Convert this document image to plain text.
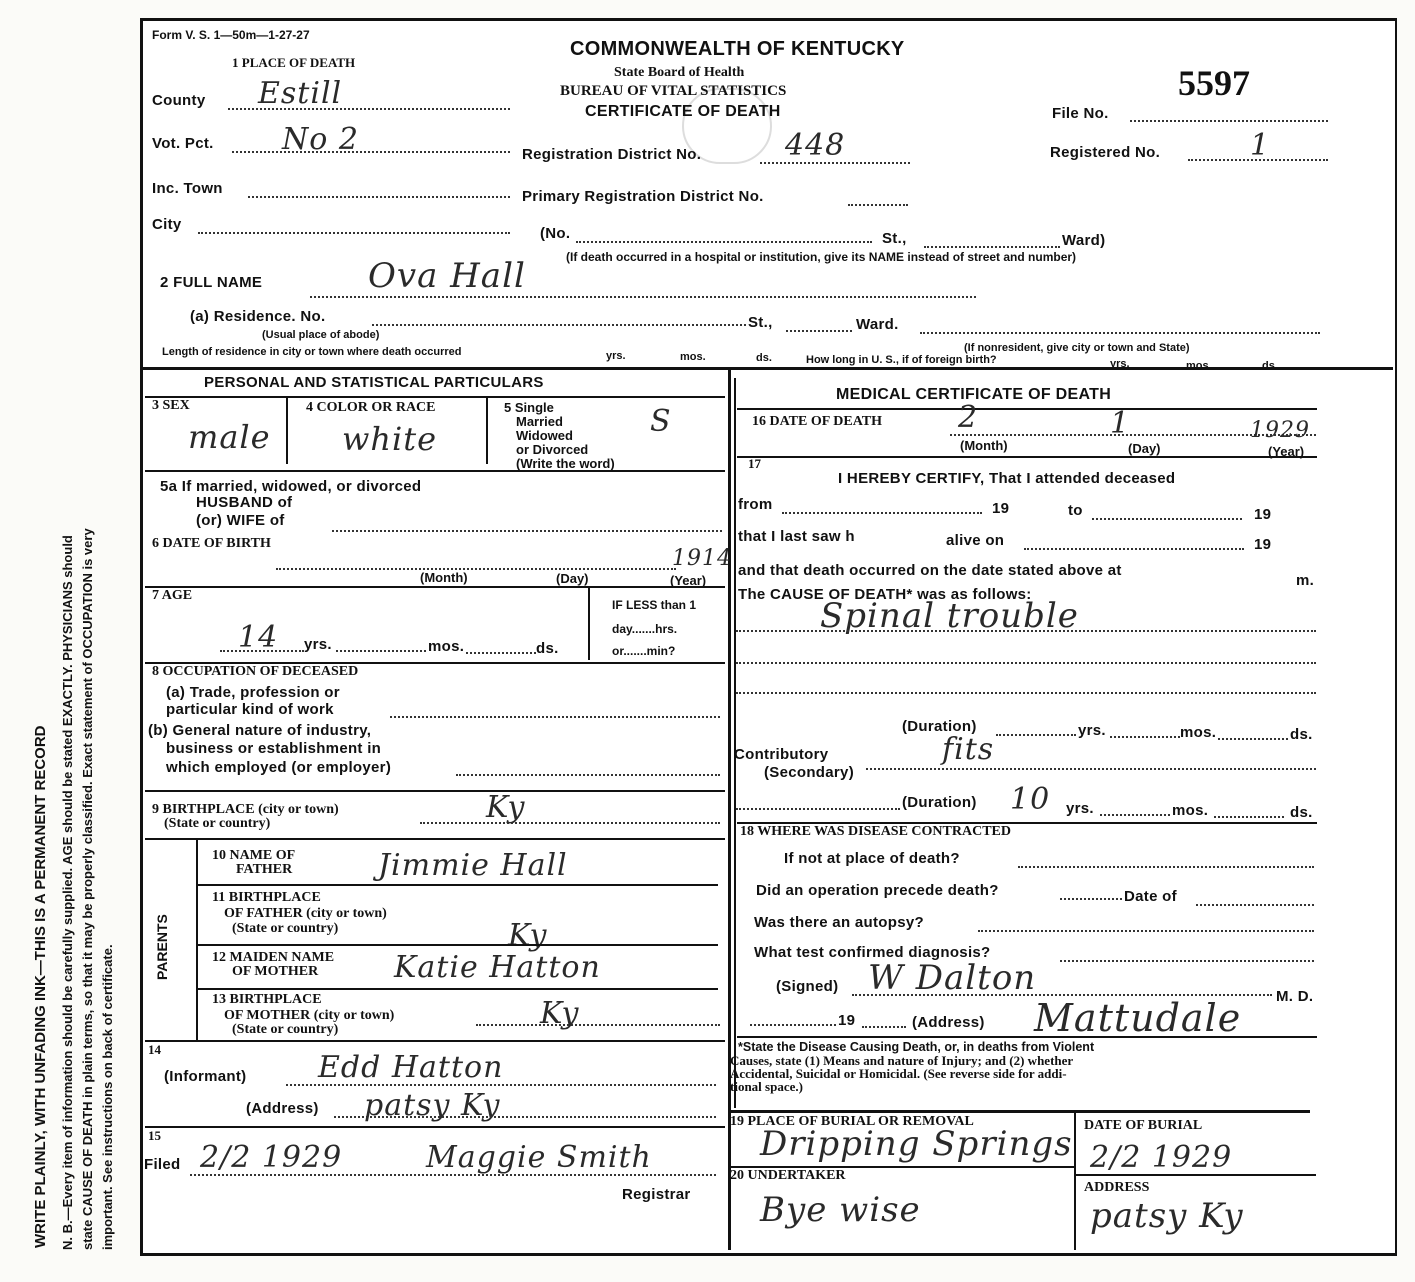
WRITE PLAINLY, WITH UNFADING INK—THIS IS A PERMANENT RECORD N. B.—Every item of information should be carefully supplied. AGE should be stated EXACTLY. PHYSICIANS should state CAUSE OF DEATH in plain terms, so that it may be properly classified. Exact statement of OCCUPATION is very important. See instructions on back of certificate.
Form V. S. 1—50m—1-27-27
COMMONWEALTH OF KENTUCKY
State Board of Health
BUREAU OF VITAL STATISTICS
CERTIFICATE OF DEATH
5597
File No.
Registered No.	1
Registration District No.	448
Primary Registration District No.
1 PLACE OF DEATH
County Estill
Vot. Pct. No 2
Inc. Town
City
(No.	St.,	Ward)
(If death occurred in a hospital or institution, give its NAME instead of street and number)
2 FULL NAME	Ova Hall
(a) Residence. No.	St.,	Ward.
(Usual place of abode)
(If nonresident, give city or town and State)
Length of residence in city or town where death occurred	yrs.	mos.	ds.	How long in U. S., if of foreign birth?	yrs.	mos.	ds.
PERSONAL AND STATISTICAL PARTICULARS
3 SEX
male
4 COLOR OR RACE
white
5 Single
Married
Widowed
or Divorced
(Write the word)
S
5a If married, widowed, or divorced
HUSBAND of
(or) WIFE of
6 DATE OF BIRTH
(Month)	(Day)	(Year)
1914
7 AGE
14 yrs.	mos.	ds.
IF LESS than 1
day.......hrs.
or.......min?
8 OCCUPATION OF DECEASED
(a) Trade, profession or
particular kind of work
(b) General nature of industry,
business or establishment in
which employed (or employer)
9 BIRTHPLACE (city or town)
(State or country)	Ky
PARENTS
10 NAME OF
FATHER	Jimmie Hall
11 BIRTHPLACE
OF FATHER (city or town)
(State or country)	Ky
12 MAIDEN NAME
OF MOTHER	Katie Hatton
13 BIRTHPLACE
OF MOTHER (city or town)
(State or country)	Ky
14
(Informant) Edd Hatton
(Address) patsy Ky
15
Filed 2/2 1929	Maggie Smith
Registrar
MEDICAL CERTIFICATE OF DEATH
16 DATE OF DEATH	2	1	1929
(Month)	(Day)	(Year)
17
I HEREBY CERTIFY, That I attended deceased
from	19	to	19
that I last saw h	alive on	19
and that death occurred on the date stated above at
m.
The CAUSE OF DEATH* was as follows:
Spinal trouble
(Duration)	yrs.	mos.	ds.
Contributory
(Secondary)
fits
(Duration) 10 yrs.	mos.	ds.
18 WHERE WAS DISEASE CONTRACTED
If not at place of death?
Did an operation precede death?	Date of
Was there an autopsy?
What test confirmed diagnosis?
(Signed) W Dalton	M. D.
19	(Address) Mattudale
*State the Disease Causing Death, or, in deaths from Violent
Causes, state (1) Means and nature of Injury; and (2) whether
Accidental, Suicidal or Homicidal. (See reverse side for addi-
tional space.)
19 PLACE OF BURIAL OR REMOVAL	DATE OF BURIAL
Dripping Springs 2/2 1929
20 UNDERTAKER
Bye wise
ADDRESS
patsy Ky
